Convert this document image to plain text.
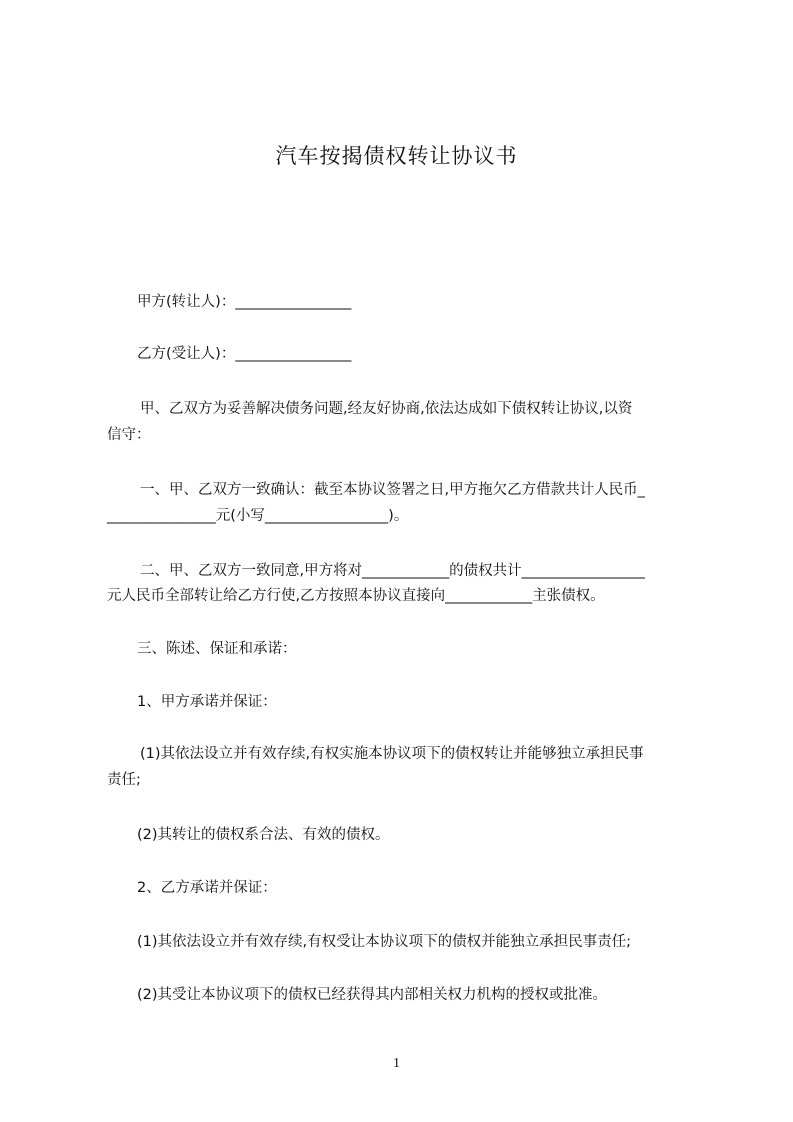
汽车按揭债权转让协议书
甲方(转让人)：________________
乙方(受让人)：________________
甲、乙双方为妥善解决债务问题,经友好协商,依法达成如下债权转让协议,以资
信守：
一、甲、乙双方一致确认：截至本协议签署之日,甲方拖欠乙方借款共计人民币_
_______________元(小写_________________)。
二、甲、乙双方一致同意,甲方将对____________的债权共计_________________
元人民币全部转让给乙方行使,乙方按照本协议直接向____________主张债权。
三、陈述、保证和承诺：
1、甲方承诺并保证：
(1)其依法设立并有效存续,有权实施本协议项下的债权转让并能够独立承担民事
责任;
(2)其转让的债权系合法、有效的债权。
2、乙方承诺并保证：
(1)其依法设立并有效存续,有权受让本协议项下的债权并能独立承担民事责任;
(2)其受让本协议项下的债权已经获得其内部相关权力机构的授权或批准。
1
